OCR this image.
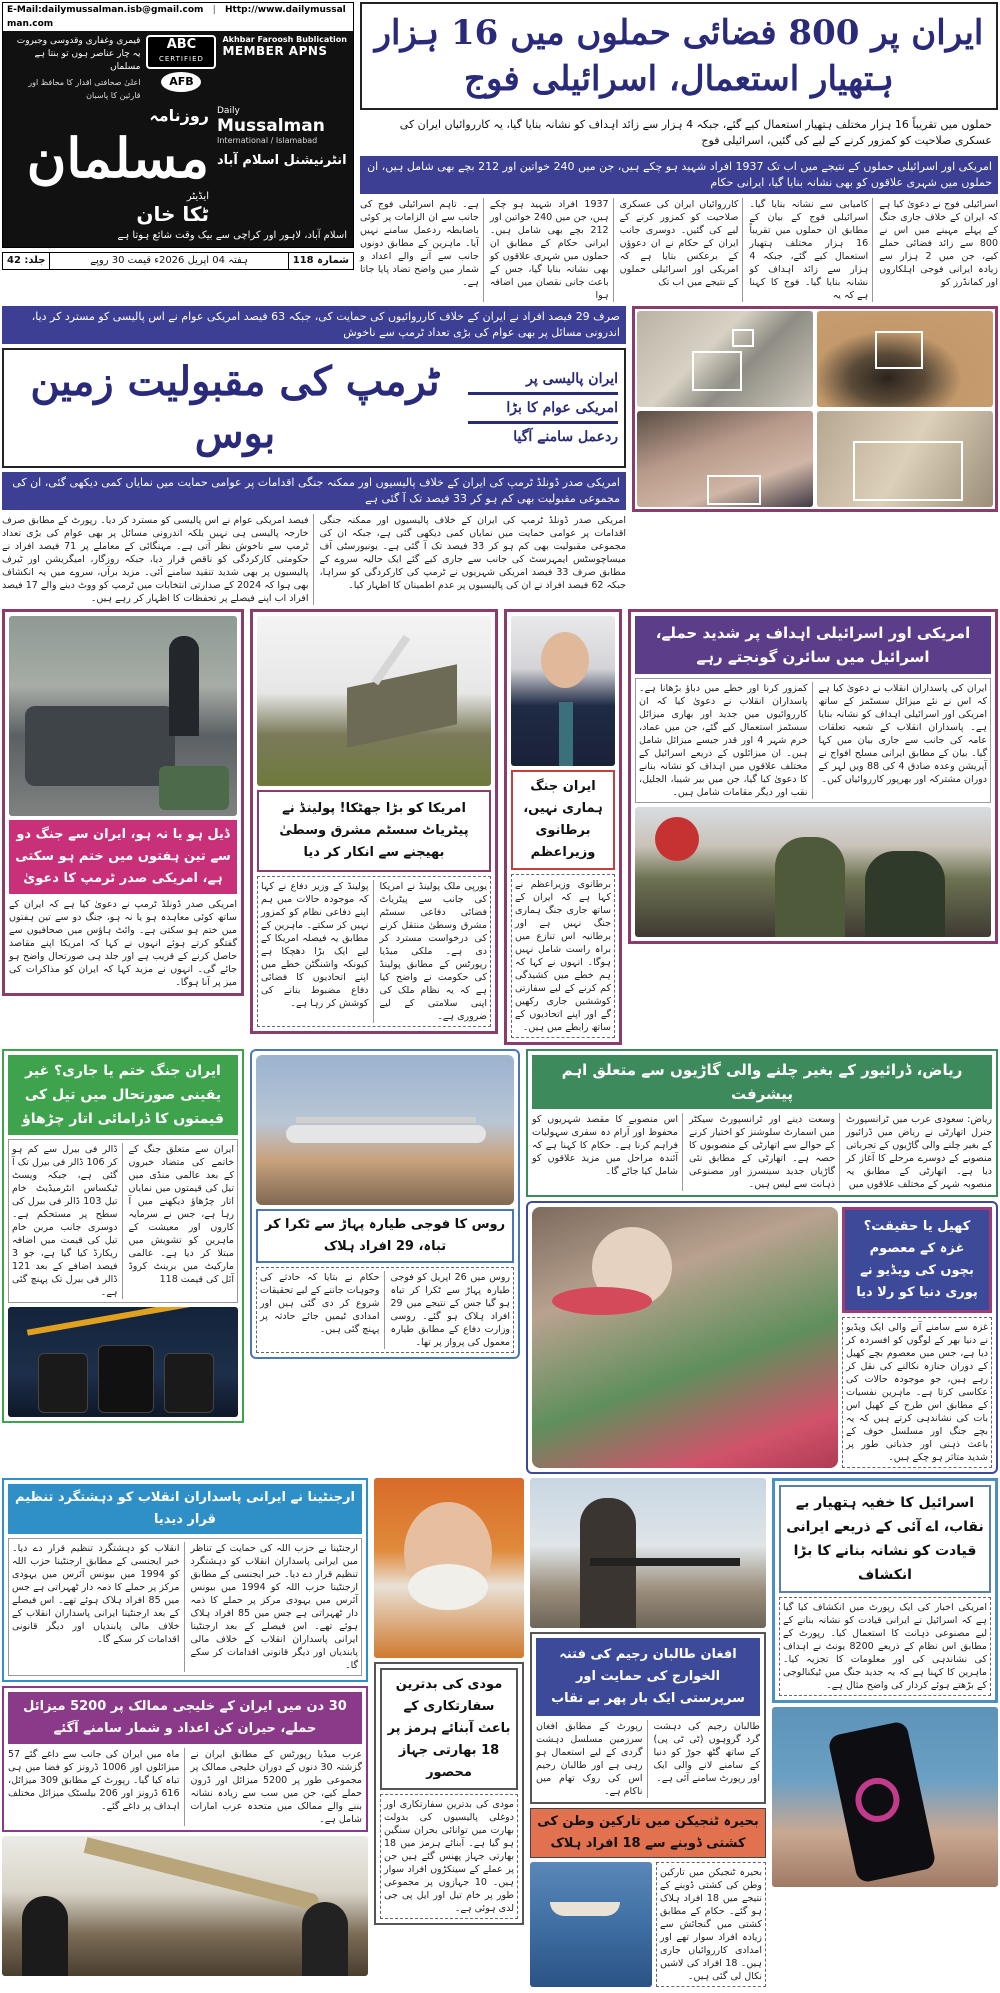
E-Mail:dailymussalman.isb@gmail.com | Http://www.dailymussalman.com
قیمری وغفاری وقدوسی وجبروت یہ چار عناصر ہوں تو بنتا ہے مسلماں
اعلیٰ صحافتی اقدار کا محافظ اور قارئین کا پاسبان
ABC
CERTIFIED
AFB
Akhbar Faroosh Bublication
MEMBER APNS
روزنامہ
مسلمان
ایڈیٹر
ٹکا خان
Daily
Mussalman
International / Islamabad
انٹرنیشنل اسلام آباد
اسلام آباد، لاہور اور کراچی سے بیک وقت شائع ہوتا ہے
جلد: 42	ہفتہ 04 اپریل 2026ء قیمت 30 روپے	شمارہ 118
ایران پر 800 فضائی حملوں میں 16 ہزار ہتھیار استعمال، اسرائیلی فوج
حملوں میں تقریباً 16 ہزار مختلف ہتھیار استعمال کیے گئے، جبکہ 4 ہزار سے زائد اہداف کو نشانہ بنایا گیا، یہ کارروائیاں ایران کی عسکری صلاحیت کو کمزور کرنے کے لیے کی گئیں، اسرائیلی فوج
امریکی اور اسرائیلی حملوں کے نتیجے میں اب تک 1937 افراد شہید ہو چکے ہیں، جن میں 240 خواتین اور 212 بچے بھی شامل ہیں، ان حملوں میں شہری علاقوں کو بھی نشانہ بنایا گیا، ایرانی حکام
اسرائیلی فوج نے دعویٰ کیا ہے کہ ایران کے خلاف جاری جنگ کے پہلے مہینے میں اس نے 800 سے زائد فضائی حملے کیے، جن میں 2 ہزار سے زیادہ ایرانی فوجی اہلکاروں اور کمانڈرز کو
کامیابی سے نشانہ بنایا گیا۔ اسرائیلی فوج کے بیان کے مطابق ان حملوں میں تقریباً 16 ہزار مختلف ہتھیار استعمال کیے گئے، جبکہ 4 ہزار سے زائد اہداف کو نشانہ بنایا گیا۔ فوج کا کہنا ہے کہ یہ
کارروائیاں ایران کی عسکری صلاحیت کو کمزور کرنے کے لیے کی گئیں۔ دوسری جانب ایران کے حکام نے ان دعوؤں کے برعکس بتایا ہے کہ امریکی اور اسرائیلی حملوں کے نتیجے میں اب تک
1937 افراد شہید ہو چکے ہیں، جن میں 240 خواتین اور 212 بچے بھی شامل ہیں۔ ایرانی حکام کے مطابق ان حملوں میں شہری علاقوں کو بھی نشانہ بنایا گیا، جس کے باعث جانی نقصان میں اضافہ ہوا
ہے۔ تاہم اسرائیلی فوج کی جانب سے ان الزامات پر کوئی باضابطہ ردعمل سامنے نہیں آیا۔ ماہرین کے مطابق دونوں جانب سے آنے والے اعداد و شمار میں واضح تضاد پایا جاتا ہے۔
صرف 29 فیصد افراد نے ایران کے خلاف کارروائیوں کی حمایت کی، جبکہ 63 فیصد امریکی عوام نے اس پالیسی کو مسترد کر دیا، اندرونی مسائل پر بھی عوام کی بڑی تعداد ٹرمپ سے ناخوش
ٹرمپ کی مقبولیت زمین بوس
ایران پالیسی پر
امریکی عوام کا بڑا
ردعمل سامنے آگیا
امریکی صدر ڈونلڈ ٹرمپ کی ایران کے خلاف پالیسیوں اور ممکنہ جنگی اقدامات پر عوامی حمایت میں نمایاں کمی دیکھی گئی، ان کی مجموعی مقبولیت بھی کم ہو کر 33 فیصد تک آ گئی ہے
امریکی صدر ڈونلڈ ٹرمپ کی ایران کے خلاف پالیسیوں اور ممکنہ جنگی اقدامات پر عوامی حمایت میں نمایاں کمی دیکھی گئی ہے، جبکہ ان کی مجموعی مقبولیت بھی کم ہو کر 33 فیصد تک آ گئی ہے۔ یونیورسٹی آف میساچوسٹس ایمہرسٹ کی جانب سے جاری کیے گئے ایک حالیہ سروے کے مطابق صرف 33 فیصد امریکی شہریوں نے ٹرمپ کی کارکردگی کو سراہا، جبکہ 62 فیصد افراد نے ان کی پالیسیوں پر عدم اطمینان کا اظہار کیا۔
فیصد امریکی عوام نے اس پالیسی کو مسترد کر دیا۔ رپورٹ کے مطابق صرف خارجہ پالیسی ہی نہیں بلکہ اندرونی مسائل پر بھی عوام کی بڑی تعداد ٹرمپ سے ناخوش نظر آتی ہے۔ مہنگائی کے معاملے پر 71 فیصد افراد نے حکومتی کارکردگی کو ناقص قرار دیا، جبکہ روزگار، امیگریشن اور ٹیرف پالیسیوں پر بھی شدید تنقید سامنے آئی۔ مزید برآں، سروے میں یہ انکشاف بھی ہوا کہ 2024 کے صدارتی انتخابات میں ٹرمپ کو ووٹ دینے والے 17 فیصد افراد اب اپنے فیصلے پر تحفظات کا اظہار کر رہے ہیں۔
ڈیل ہو یا نہ ہو، ایران سے جنگ دو سے تین ہفتوں میں ختم ہو سکتی ہے، امریکی صدر ٹرمپ کا دعویٰ
امریکی صدر ڈونلڈ ٹرمپ نے دعویٰ کیا ہے کہ ایران کے ساتھ کوئی معاہدہ ہو یا نہ ہو، جنگ دو سے تین ہفتوں میں ختم ہو سکتی ہے۔ وائٹ ہاؤس میں صحافیوں سے گفتگو کرتے ہوئے انہوں نے کہا کہ امریکا اپنے مقاصد حاصل کرنے کے قریب ہے اور جلد ہی صورتحال واضح ہو جائے گی۔ انہوں نے مزید کہا کہ ایران کو مذاکرات کی میز پر آنا ہوگا۔
امریکا کو بڑا جھٹکا! پولینڈ نے پیٹریاٹ سسٹم مشرق وسطیٰ بھیجنے سے انکار کر دیا
یورپی ملک پولینڈ نے امریکا کی جانب سے پیٹریاٹ فضائی دفاعی سسٹم مشرق وسطیٰ منتقل کرنے کی درخواست مسترد کر دی ہے۔ ملکی میڈیا رپورٹس کے مطابق پولینڈ کی حکومت نے واضح کیا ہے کہ یہ نظام ملک کی اپنی سلامتی کے لیے ضروری ہے۔
پولینڈ کے وزیر دفاع نے کہا کہ موجودہ حالات میں ہم اپنے دفاعی نظام کو کمزور نہیں کر سکتے۔ ماہرین کے مطابق یہ فیصلہ امریکا کے لیے ایک بڑا دھچکا ہے کیونکہ واشنگٹن خطے میں اپنے اتحادیوں کا فضائی دفاع مضبوط بنانے کی کوشش کر رہا ہے۔
ایران جنگ ہماری نہیں، برطانوی وزیراعظم
برطانوی وزیراعظم نے کہا ہے کہ ایران کے ساتھ جاری جنگ ہماری جنگ نہیں ہے اور برطانیہ اس تنازع میں براہ راست شامل نہیں ہوگا۔ انہوں نے کہا کہ ہم خطے میں کشیدگی کم کرنے کے لیے سفارتی کوششیں جاری رکھیں گے اور اپنے اتحادیوں کے ساتھ رابطے میں ہیں۔
امریکی اور اسرائیلی اہداف پر شدید حملے، اسرائیل میں سائرن گونجتے رہے
ایران کی پاسداران انقلاب نے دعویٰ کیا ہے کہ اس نے نئے میزائل سسٹمز کے ساتھ امریکی اور اسرائیلی اہداف کو نشانہ بنایا ہے۔ پاسداران انقلاب کے شعبہ تعلقات عامہ کی جانب سے جاری بیان میں کہا گیا۔ بیان کے مطابق ایرانی مسلح افواج نے آپریشن وعدہ صادق 4 کی 88 ویں لہر کے دوران مشترکہ اور بھرپور کارروائیاں کیں۔
کمزور کرنا اور خطے میں دباؤ بڑھانا ہے۔ پاسداران انقلاب نے دعویٰ کیا کہ ان کارروائیوں میں جدید اور بھاری میزائل سسٹمز استعمال کیے گئے، جن میں عماد، خرم شہر 4 اور قدر جیسے میزائل شامل ہیں۔ ان میزائلوں کے ذریعے اسرائیل کے مختلف علاقوں میں اہداف کو نشانہ بنانے کا دعویٰ کیا گیا، جن میں بیر شیبا، الجلیل، نقب اور دیگر مقامات شامل ہیں۔
ایران جنگ ختم یا جاری؟ غیر یقینی صورتحال میں تیل کی قیمتوں کا ڈرامائی اتار چڑھاؤ
ایران سے متعلق جنگ کے خاتمے کی متضاد خبروں کے بعد عالمی منڈی میں تیل کی قیمتوں میں نمایاں اتار چڑھاؤ دیکھنے میں آ رہا ہے، جس نے سرمایہ کاروں اور معیشت کے ماہرین کو تشویش میں مبتلا کر دیا ہے۔ عالمی مارکیٹ میں برینٹ کروڈ آئل کی قیمت 118
ڈالر فی بیرل سے کم ہو کر 106 ڈالر فی بیرل تک آ گئی ہے، جبکہ ویسٹ ٹیکساس انٹرمیڈیٹ خام تیل 103 ڈالر فی بیرل کی سطح پر مستحکم ہے۔ دوسری جانب مربن خام تیل کی قیمت میں اضافہ ریکارڈ کیا گیا ہے، جو 3 فیصد اضافے کے بعد 121 ڈالر فی بیرل تک پہنچ گئی ہے۔
روس کا فوجی طیارہ پہاڑ سے ٹکرا کر تباہ، 29 افراد ہلاک
روس میں 26 اپریل کو فوجی طیارہ پہاڑ سے ٹکرا کر تباہ ہو گیا جس کے نتیجے میں 29 افراد ہلاک ہو گئے۔ روسی وزارت دفاع کے مطابق طیارہ معمول کی پرواز پر تھا۔
حکام نے بتایا کہ حادثے کی وجوہات جاننے کے لیے تحقیقات شروع کر دی گئی ہیں اور امدادی ٹیمیں جائے حادثہ پر پہنچ گئی ہیں۔
ریاض، ڈرائیور کے بغیر چلنے والی گاڑیوں سے متعلق اہم پیشرفت
ریاض: سعودی عرب میں ٹرانسپورٹ جنرل اتھارٹی نے ریاض میں ڈرائیور کے بغیر چلنے والی گاڑیوں کے تجرباتی منصوبے کے دوسرے مرحلے کا آغاز کر دیا ہے۔ اتھارٹی کے مطابق یہ منصوبہ شہر کے مختلف علاقوں میں
وسعت دینے اور ٹرانسپورٹ سیکٹر میں اسمارٹ سلوشنز کو اختیار کرنے کے حوالے سے اتھارٹی کے منصوبوں کا حصہ ہے۔ اتھارٹی کے مطابق نئی گاڑیاں جدید سینسرز اور مصنوعی ذہانت سے لیس ہیں۔
اس منصوبے کا مقصد شہریوں کو محفوظ اور آرام دہ سفری سہولیات فراہم کرنا ہے۔ حکام کا کہنا ہے کہ آئندہ مراحل میں مزید علاقوں کو شامل کیا جائے گا۔
کھیل یا حقیقت؟ غزہ کے معصوم بچوں کی ویڈیو نے پوری دنیا کو رلا دیا
غزہ سے سامنے آنے والی ایک ویڈیو نے دنیا بھر کے لوگوں کو افسردہ کر دیا ہے، جس میں معصوم بچے کھیل کے دوران جنازہ نکالنے کی نقل کر رہے ہیں، جو موجودہ حالات کی عکاسی کرتا ہے۔ ماہرین نفسیات کے مطابق اس طرح کے کھیل اس بات کی نشاندہی کرتے ہیں کہ یہ بچے جنگ اور مسلسل خوف کے باعث ذہنی اور جذباتی طور پر شدید متاثر ہو چکے ہیں۔
ارجنٹینا نے ایرانی پاسداران انقلاب کو دہشتگرد تنظیم قرار دیدیا
ارجنٹینا نے حزب اللہ کی حمایت کے تناظر میں ایرانی پاسداران انقلاب کو دہشتگرد تنظیم قرار دے دیا۔ خبر ایجنسی کے مطابق ارجنٹینا حزب اللہ کو 1994 میں بیونس آئرس میں یہودی مرکز پر حملے کا ذمہ دار ٹھہراتی ہے جس میں 85 افراد ہلاک ہوئے تھے۔ اس فیصلے کے بعد ارجنٹینا ایرانی پاسداران انقلاب کے خلاف مالی پابندیاں اور دیگر قانونی اقدامات کر سکے گا۔
انقلاب کو دہشتگرد تنظیم قرار دے دیا۔ خبر ایجنسی کے مطابق ارجنٹینا حزب اللہ کو 1994 میں بیونس آئرس میں یہودی مرکز پر حملے کا ذمہ دار ٹھہراتی ہے جس میں 85 افراد ہلاک ہوئے تھے۔ اس فیصلے کے بعد ارجنٹینا ایرانی پاسداران انقلاب کے خلاف مالی پابندیاں اور دیگر قانونی اقدامات کر سکے گا۔
30 دن میں ایران کے خلیجی ممالک پر 5200 میزائل حملے، حیران کن اعداد و شمار سامنے آگئے
عرب میڈیا رپورٹس کے مطابق ایران نے گزشتہ 30 دنوں کے دوران خلیجی ممالک پر مجموعی طور پر 5200 میزائل اور ڈرون حملے کیے، جن میں سب سے زیادہ نشانہ بننے والے ممالک میں متحدہ عرب امارات شامل ہے۔
ماہ میں ایران کی جانب سے داغے گئے 57 میزائلوں اور 1006 ڈرونز کو فضا میں ہی تباہ کیا گیا۔ رپورٹ کے مطابق 309 میزائل، 616 ڈرونز اور 206 بیلسٹک میزائل مختلف اہداف پر داغے گئے۔
مودی کی بدترین سفارتکاری کے باعث آبنائے ہرمز پر 18 بھارتی جہاز محصور
مودی کی بدترین سفارتکاری اور دوغلی پالیسیوں کی بدولت بھارت میں توانائی بحران سنگین ہو گیا ہے۔ آبنائے ہرمز میں 18 بھارتی جہاز پھنس گئے ہیں جن پر عملے کے سینکڑوں افراد سوار ہیں۔ 10 جہازوں پر مجموعی طور پر خام تیل اور ایل پی جی لدی ہوئی ہے۔
افغان طالبان رجیم کی فتنہ الخوارج کی حمایت اور سرپرستی ایک بار پھر بے نقاب
طالبان رجیم کی دہشت گرد گروہوں (ٹی ٹی پی) کے ساتھ گٹھ جوڑ کو دنیا کے سامنے لانے والی ایک اور رپورٹ سامنے آئی ہے۔
رپورٹ کے مطابق افغان سرزمین مسلسل دہشت گردی کے لیے استعمال ہو رہی ہے اور طالبان رجیم اس کی روک تھام میں ناکام ہے۔
بحیرہ ٹنجیکن میں تارکین وطن کی کشتی ڈوبنے سے 18 افراد ہلاک
بحیرہ ٹنجیکن میں تارکین وطن کی کشتی ڈوبنے کے نتیجے میں 18 افراد ہلاک ہو گئے۔ حکام کے مطابق کشتی میں گنجائش سے زیادہ افراد سوار تھے اور امدادی کارروائیاں جاری ہیں۔ 18 افراد کی لاشیں نکال لی گئی ہیں۔
اسرائیل کا خفیہ ہتھیار بے نقاب، اے آئی کے ذریعے ایرانی قیادت کو نشانہ بنانے کا بڑا انکشاف
امریکی اخبار کی ایک رپورٹ میں انکشاف کیا گیا ہے کہ اسرائیل نے ایرانی قیادت کو نشانہ بنانے کے لیے مصنوعی ذہانت کا استعمال کیا۔ رپورٹ کے مطابق اس نظام کے ذریعے 8200 یونٹ نے اہداف کی نشاندہی کی اور معلومات کا تجزیہ کیا۔ ماہرین کا کہنا ہے کہ یہ جدید جنگ میں ٹیکنالوجی کے بڑھتے ہوئے کردار کی واضح مثال ہے۔
